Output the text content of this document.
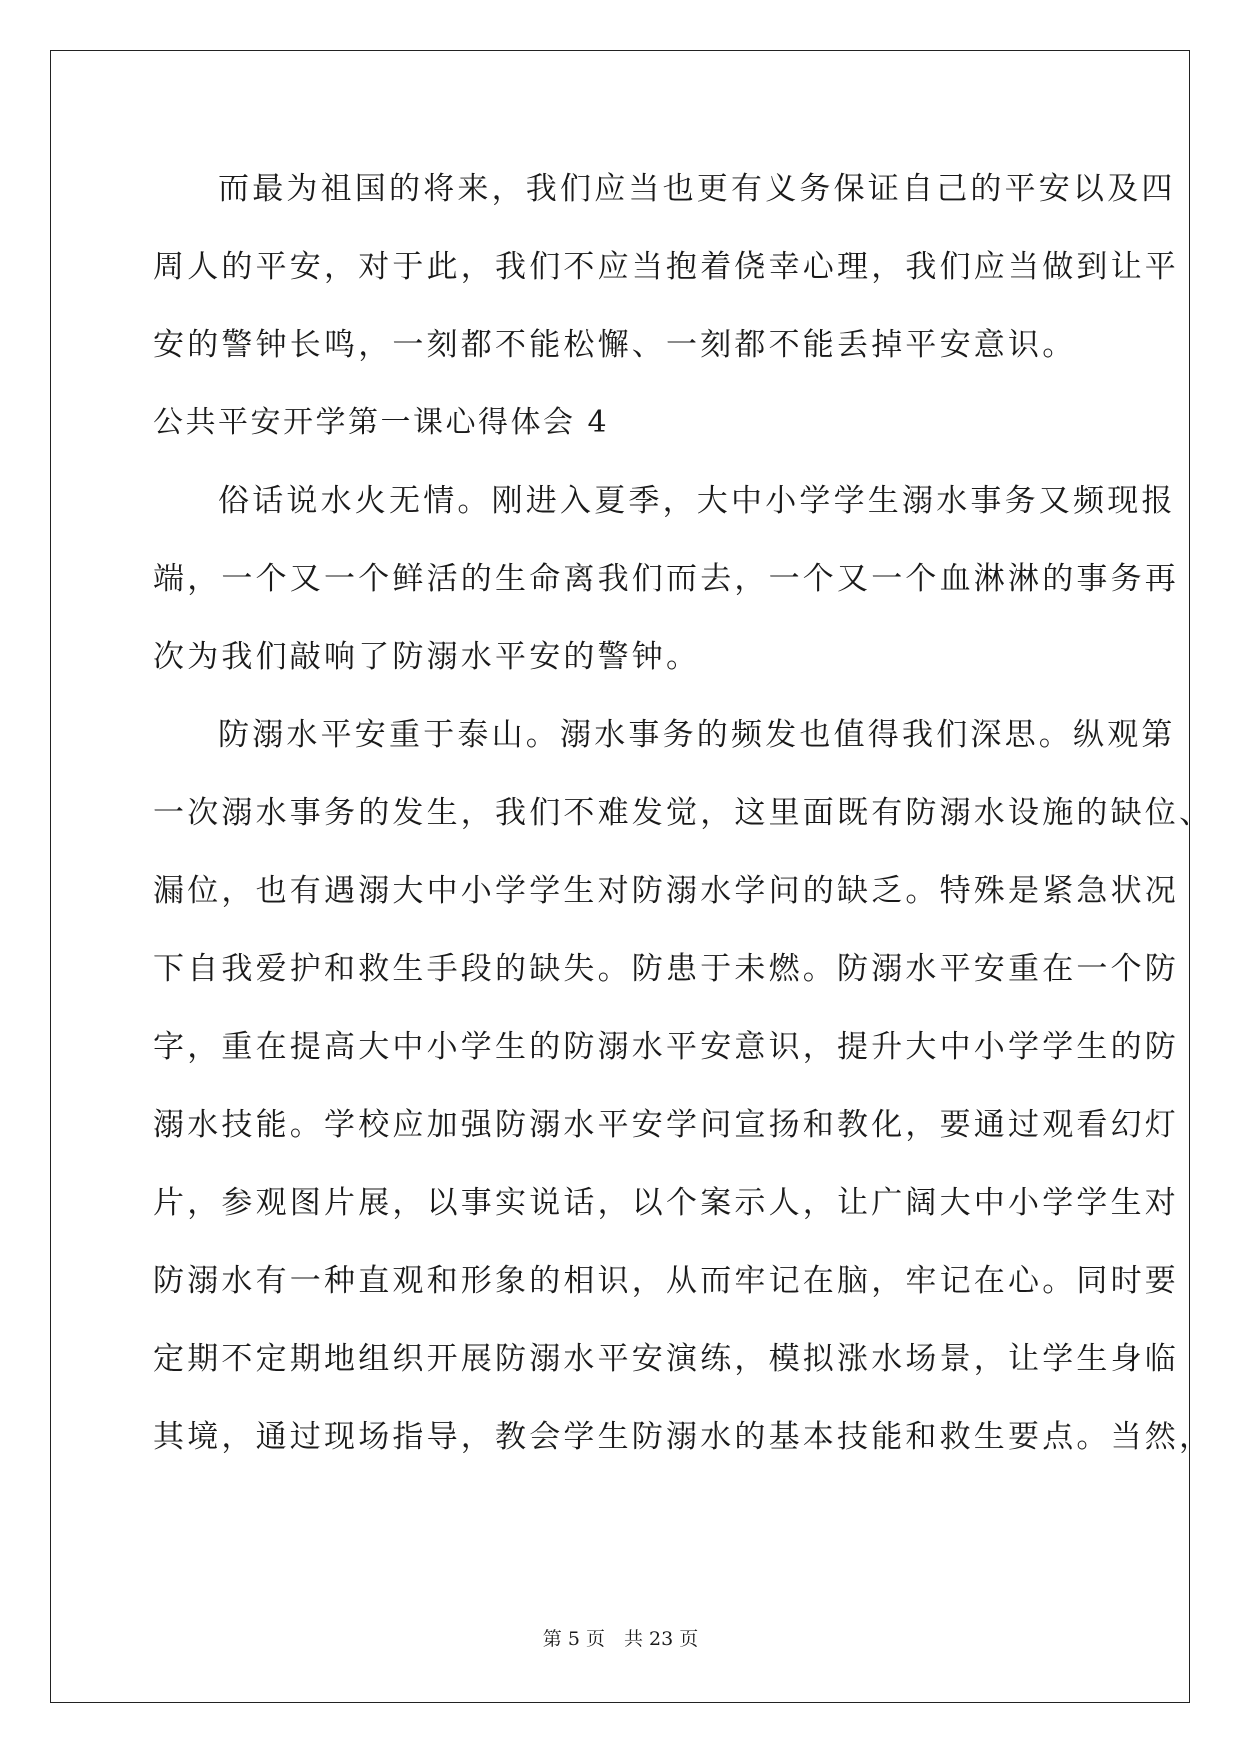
而最为祖国的将来，我们应当也更有义务保证自己的平安以及四
周人的平安，对于此，我们不应当抱着侥幸心理，我们应当做到让平
安的警钟长鸣，一刻都不能松懈、一刻都不能丢掉平安意识。
公共平安开学第一课心得体会 4
俗话说水火无情。刚进入夏季，大中小学学生溺水事务又频现报
端，一个又一个鲜活的生命离我们而去，一个又一个血淋淋的事务再
次为我们敲响了防溺水平安的警钟。
防溺水平安重于泰山。溺水事务的频发也值得我们深思。纵观第
一次溺水事务的发生，我们不难发觉，这里面既有防溺水设施的缺位、
漏位，也有遇溺大中小学学生对防溺水学问的缺乏。特殊是紧急状况
下自我爱护和救生手段的缺失。防患于未燃。防溺水平安重在一个防
字，重在提高大中小学生的防溺水平安意识，提升大中小学学生的防
溺水技能。学校应加强防溺水平安学问宣扬和教化，要通过观看幻灯
片，参观图片展，以事实说话，以个案示人，让广阔大中小学学生对
防溺水有一种直观和形象的相识，从而牢记在脑，牢记在心。同时要
定期不定期地组织开展防溺水平安演练，模拟涨水场景，让学生身临
其境，通过现场指导，教会学生防溺水的基本技能和救生要点。当然，
第 5 页　共 23 页
